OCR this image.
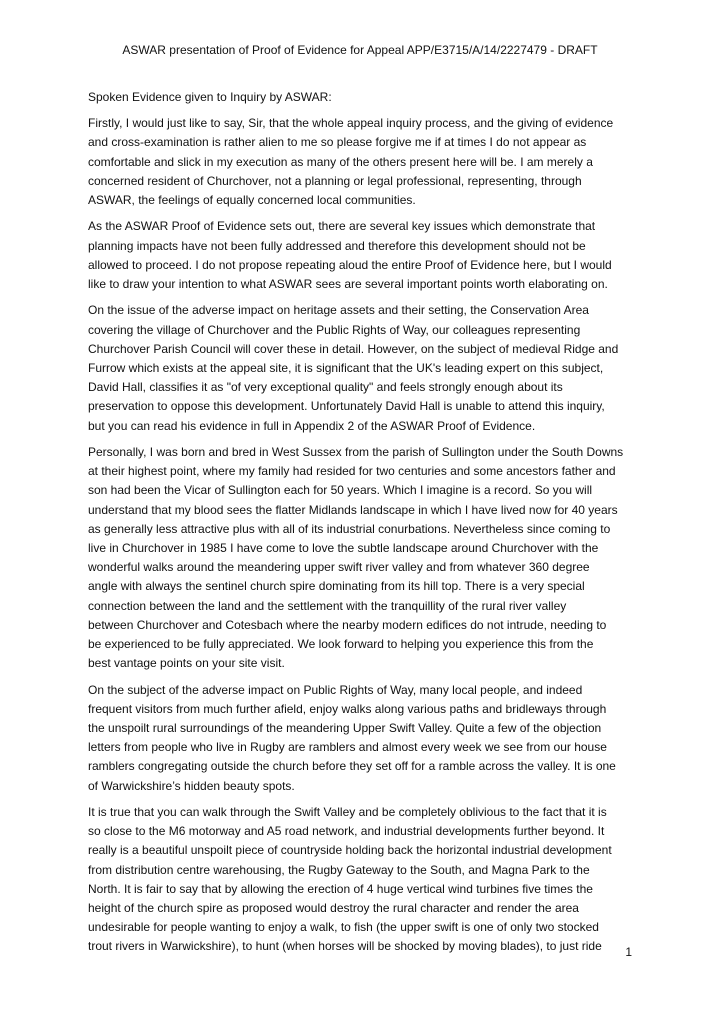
ASWAR presentation of Proof of Evidence for Appeal APP/E3715/A/14/2227479 - DRAFT
Spoken Evidence given to Inquiry by ASWAR:
Firstly, I would just like to say, Sir, that the whole appeal inquiry process, and the giving of evidence
and cross-examination is rather alien to me so please forgive me if at times I do not appear as
comfortable and slick in my execution as many of the others present here will be. I am merely a
concerned resident of Churchover, not a planning or legal professional, representing, through
ASWAR, the feelings of equally concerned local communities.
As the ASWAR Proof of Evidence sets out, there are several key issues which demonstrate that
planning impacts have not been fully addressed and therefore this development should not be
allowed to proceed. I do not propose repeating aloud the entire Proof of Evidence here, but I would
like to draw your intention to what ASWAR sees are several important points worth elaborating on.
On the issue of the adverse impact on heritage assets and their setting, the Conservation Area
covering the village of Churchover and the Public Rights of Way, our colleagues representing
Churchover Parish Council will cover these in detail. However, on the subject of medieval Ridge and
Furrow which exists at the appeal site, it is significant that the UK's leading expert on this subject,
David Hall, classifies it as "of very exceptional quality" and feels strongly enough about its
preservation to oppose this development. Unfortunately David Hall is unable to attend this inquiry,
but you can read his evidence in full in Appendix 2 of the ASWAR Proof of Evidence.
Personally, I was born and bred in West Sussex from the parish of Sullington under the South Downs
at their highest point, where my family had resided for two centuries and some ancestors father and
son had been the Vicar of Sullington each for 50 years. Which I imagine is a record. So you will
understand that my blood sees the flatter Midlands landscape in which I have lived now for 40 years
as generally less attractive plus with all of its industrial conurbations. Nevertheless since coming to
live in Churchover in 1985 I have come to love the subtle landscape around Churchover with the
wonderful walks around the meandering upper swift river valley and from whatever 360 degree
angle with always the sentinel church spire dominating from its hill top. There is a very special
connection between the land and the settlement with the tranquillity of the rural river valley
between Churchover and Cotesbach where the nearby modern edifices do not intrude, needing to
be experienced to be fully appreciated. We look forward to helping you experience this from the
best vantage points on your site visit.
On the subject of the adverse impact on Public Rights of Way, many local people, and indeed
frequent visitors from much further afield, enjoy walks along various paths and bridleways through
the unspoilt rural surroundings of the meandering Upper Swift Valley. Quite a few of the objection
letters from people who live in Rugby are ramblers and almost every week we see from our house
ramblers congregating outside the church before they set off for a ramble across the valley. It is one
of Warwickshire’s hidden beauty spots.
It is true that you can walk through the Swift Valley and be completely oblivious to the fact that it is
so close to the M6 motorway and A5 road network, and industrial developments further beyond. It
really is a beautiful unspoilt piece of countryside holding back the horizontal industrial development
from distribution centre warehousing, the Rugby Gateway to the South, and Magna Park to the
North. It is fair to say that by allowing the erection of 4 huge vertical wind turbines five times the
height of the church spire as proposed would destroy the rural character and render the area
undesirable for people wanting to enjoy a walk, to fish (the upper swift is one of only two stocked
trout rivers in Warwickshire), to hunt (when horses will be shocked by moving blades), to just ride	1
